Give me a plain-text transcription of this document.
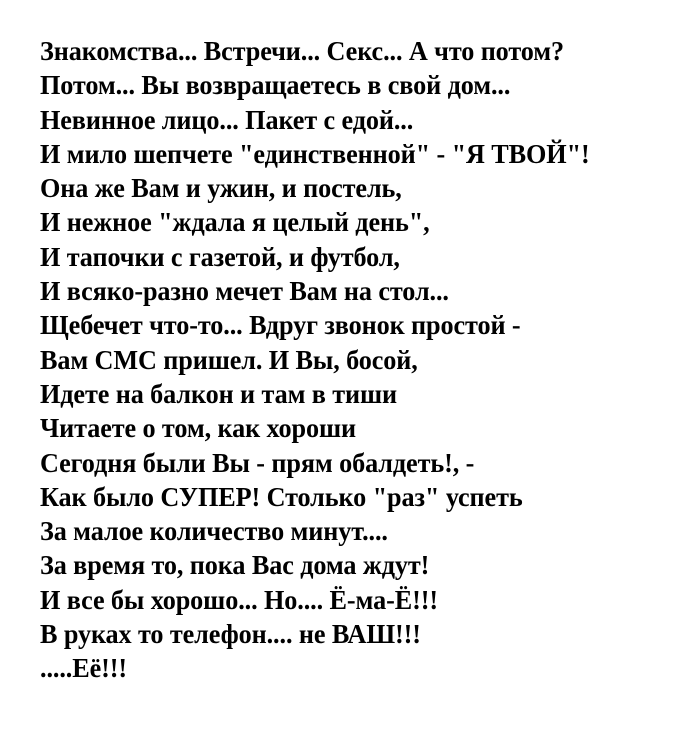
Знакомства... Встречи... Секс... А что потом?
Потом... Вы возвращаетесь в свой дом...
Невинное лицо... Пакет с едой...
И мило шепчете "единственной" - "Я ТВОЙ"!
Она же Вам и ужин, и постель,
И нежное "ждала я целый день",
И тапочки с газетой, и футбол,
И всяко-разно мечет Вам на стол...
Щебечет что-то... Вдруг звонок простой -
Вам СМС пришел. И Вы, босой,
Идете на балкон и там в тиши
Читаете о том, как хороши
Сегодня были Вы - прям обалдеть!, -
Как было СУПЕР! Столько "раз" успеть
За малое количество минут....
За время то, пока Вас дома ждут!
И все бы хорошо... Но.... Ё-ма-Ё!!!
В руках то телефон.... не ВАШ!!!
.....Её!!!
